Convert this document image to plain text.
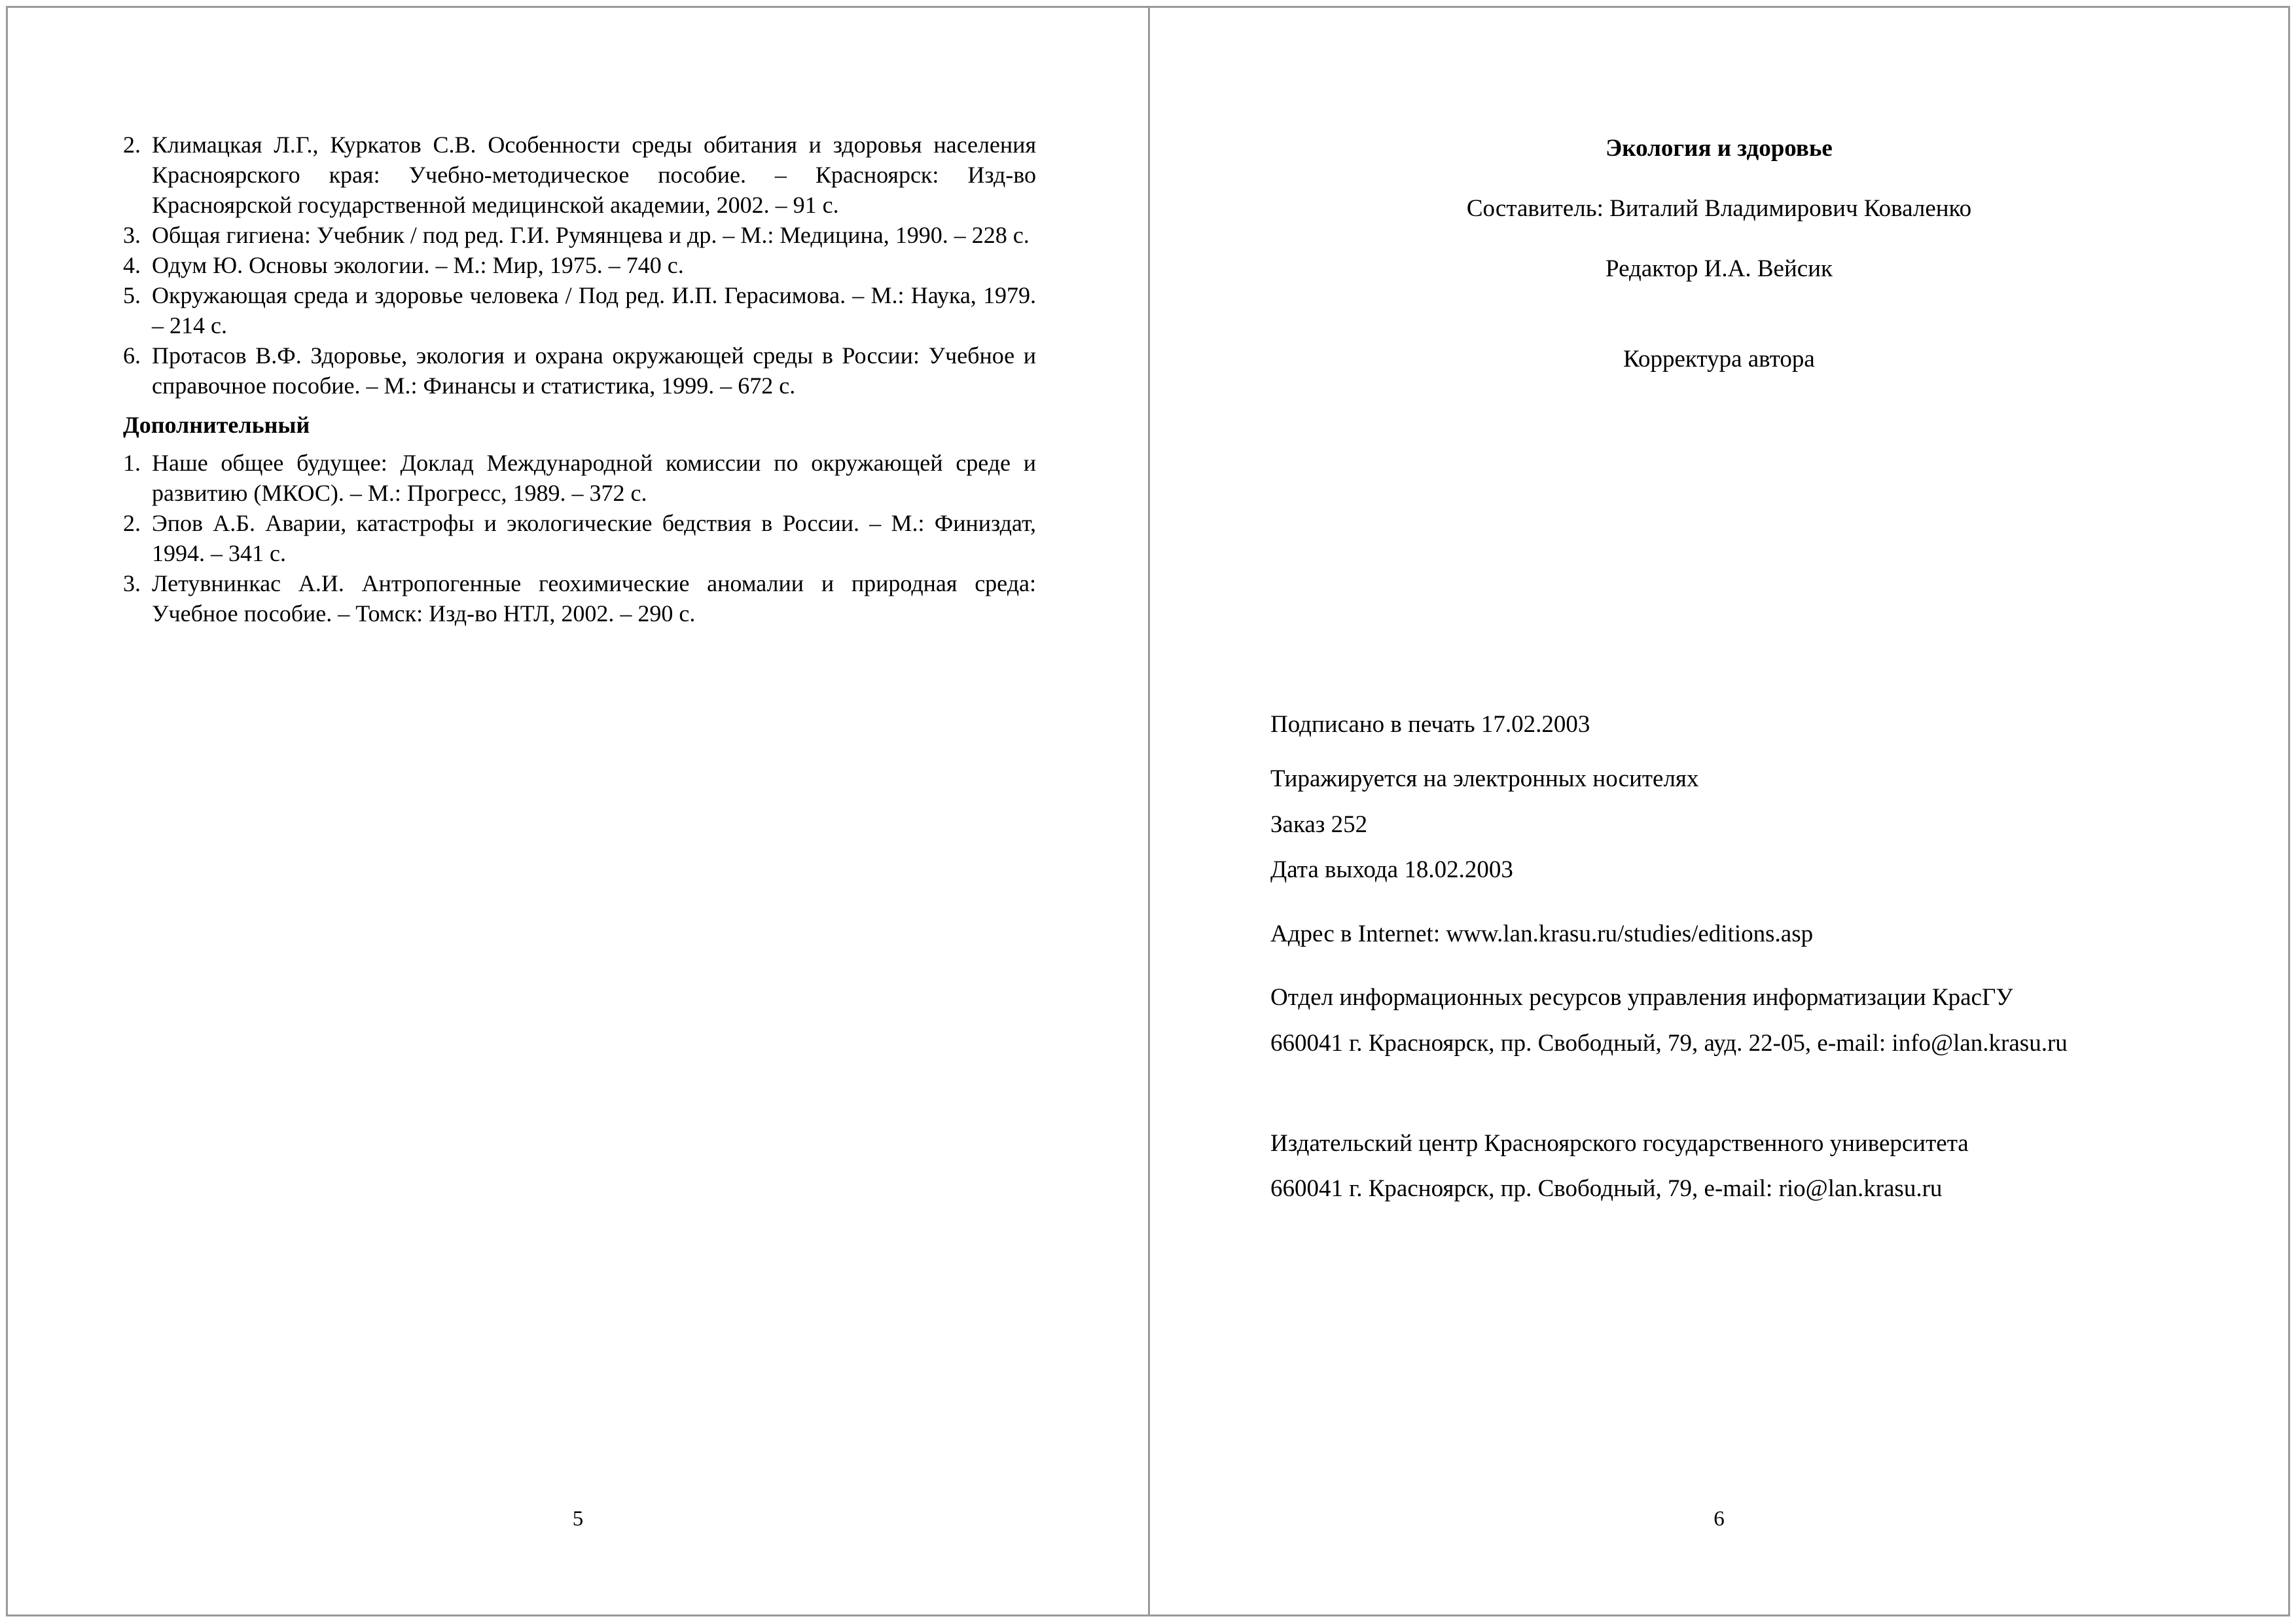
2. Климацкая Л.Г., Куркатов С.В. Особенности среды обитания и здоровья населения Красноярского края: Учебно-методическое пособие. – Красноярск: Изд-во Красноярской государственной медицинской академии, 2002. – 91 с.
3. Общая гигиена: Учебник / под ред. Г.И. Румянцева и др. – М.: Медицина, 1990. – 228 с.
4. Одум Ю. Основы экологии. – М.: Мир, 1975. – 740 с.
5. Окружающая среда и здоровье человека / Под ред. И.П. Герасимова. – М.: Наука, 1979. – 214 с.
6. Протасов В.Ф. Здоровье, экология и охрана окружающей среды в России: Учебное и справочное пособие. – М.: Финансы и статистика, 1999. – 672 с.
Дополнительный
1. Наше общее будущее: Доклад Международной комиссии по окружающей среде и развитию (МКОС). – М.: Прогресс, 1989. – 372 с.
2. Эпов А.Б. Аварии, катастрофы и экологические бедствия в России. – М.: Финиздат, 1994. – 341 с.
3. Летувнинкас А.И. Антропогенные геохимические аномалии и природная среда: Учебное пособие. – Томск: Изд-во НТЛ, 2002. – 290 с.
5
Экология и здоровье
Составитель: Виталий Владимирович Коваленко
Редактор И.А. Вейсик
Корректура автора
Подписано в печать 17.02.2003
Тиражируется на электронных носителях
Заказ 252
Дата выхода 18.02.2003
Адрес в Internet: www.lan.krasu.ru/studies/editions.asp
Отдел информационных ресурсов управления информатизации КрасГУ
660041 г. Красноярск, пр. Свободный, 79, ауд. 22-05, e-mail: info@lan.krasu.ru
Издательский центр Красноярского государственного университета
660041 г. Красноярск, пр. Свободный, 79, e-mail: rio@lan.krasu.ru
6
